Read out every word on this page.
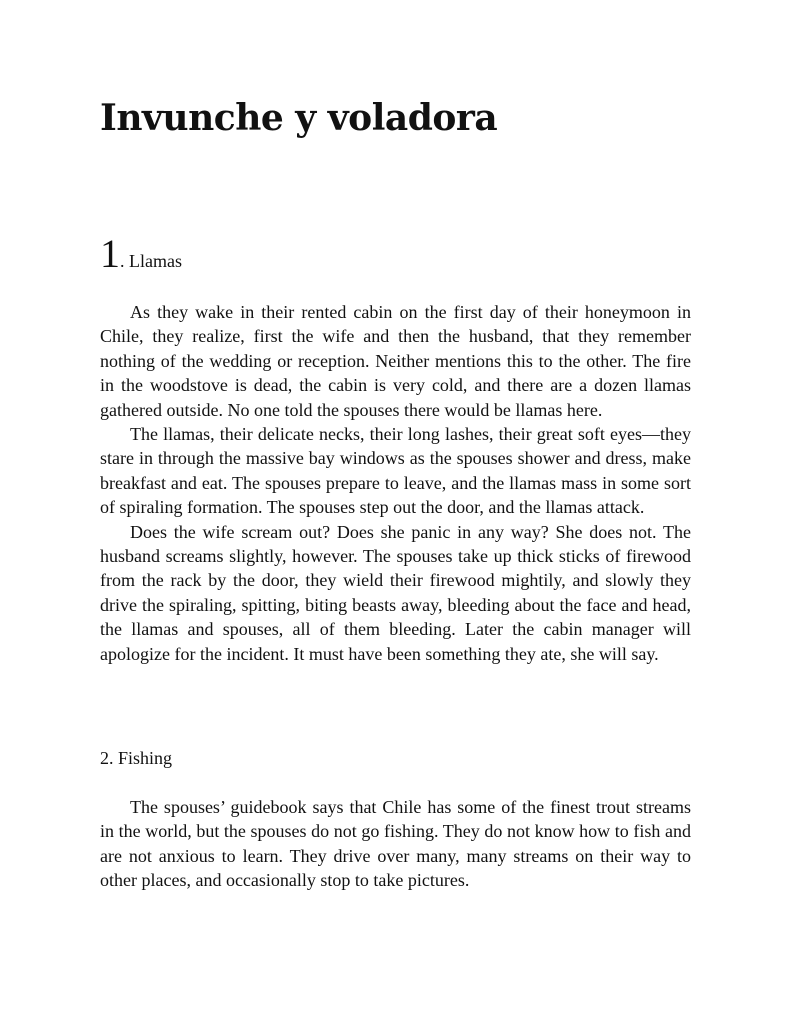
Invunche y voladora
1. Llamas

As they wake in their rented cabin on the first day of their honeymoon in Chile, they realize, first the wife and then the husband, that they remember nothing of the wedding or reception. Neither mentions this to the other. The fire in the woodstove is dead, the cabin is very cold, and there are a dozen llamas gathered outside. No one told the spouses there would be llamas here.

The llamas, their delicate necks, their long lashes, their great soft eyes—they stare in through the massive bay windows as the spouses shower and dress, make breakfast and eat. The spouses prepare to leave, and the llamas mass in some sort of spiraling formation. The spouses step out the door, and the llamas attack.

Does the wife scream out? Does she panic in any way? She does not. The husband screams slightly, however. The spouses take up thick sticks of firewood from the rack by the door, they wield their firewood mightily, and slowly they drive the spiraling, spitting, biting beasts away, bleeding about the face and head, the llamas and spouses, all of them bleeding. Later the cabin manager will apologize for the incident. It must have been something they ate, she will say.

2. Fishing

The spouses’ guidebook says that Chile has some of the finest trout streams in the world, but the spouses do not go fishing. They do not know how to fish and are not anxious to learn. They drive over many, many streams on their way to other places, and occasionally stop to take pictures.
